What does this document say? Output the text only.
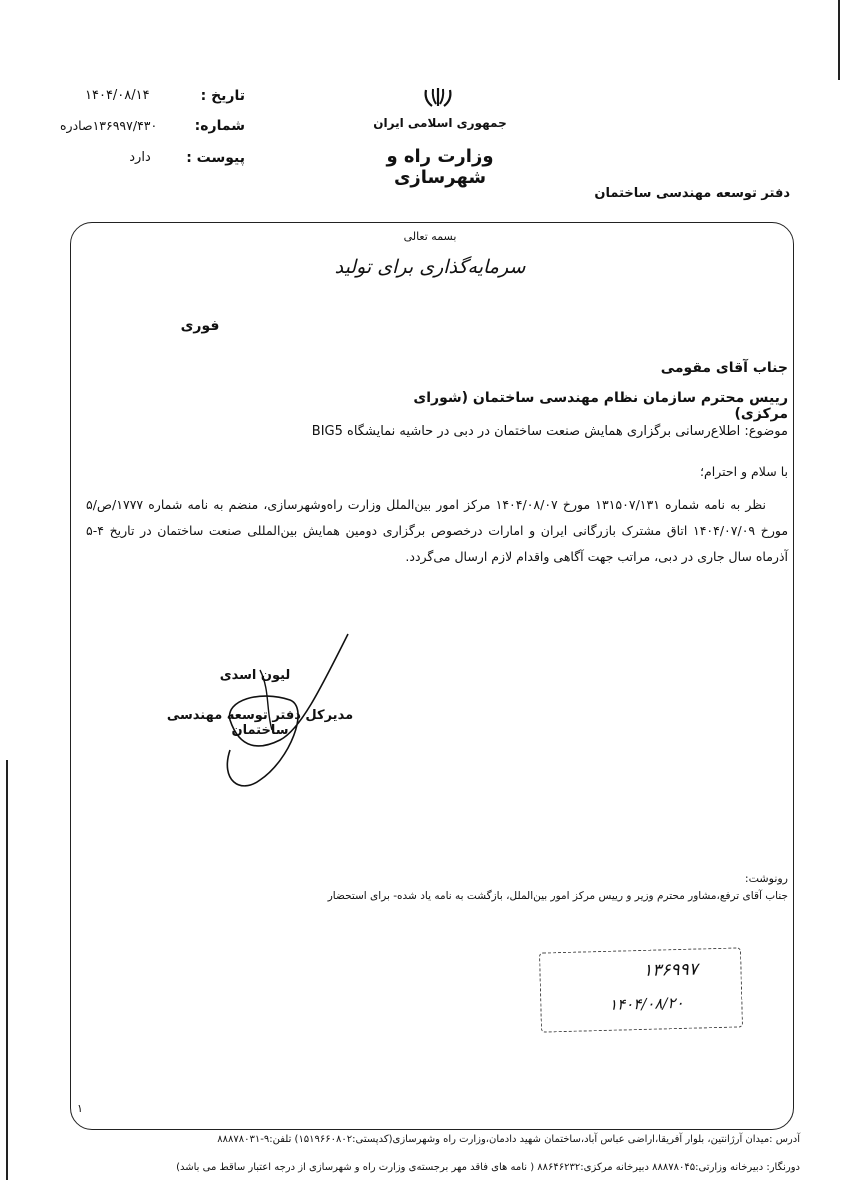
جمهوری اسلامی ایران
وزارت راه و شهرسازی
دفتر توسعه مهندسی ساختمان
تاریخ :
۱۴۰۴/۰۸/۱۴
شماره:
۱۳۶۹۹۷/۴۳۰صادره
پیوست :
دارد
بسمه تعالی
سرمایه‌گذاری برای تولید
فوری
جناب آقای مقومی
رییس محترم سازمان نظام مهندسی ساختمان (شورای مرکزی)
موضوع: اطلاع‌رسانی برگزاری همایش صنعت ساختمان در دبی در حاشیه نمایشگاه BIG5
با سلام و احترام؛
نظر به نامه شماره ۱۳۱۵۰۷/۱۳۱ مورخ ۱۴۰۴/۰۸/۰۷ مرکز امور بین‌الملل وزارت راه‌وشهرسازی، منضم به نامه شماره ۱۷۷۷/ص/۵ مورخ ۱۴۰۴/۰۷/۰۹ اتاق مشترک بازرگانی ایران و امارات درخصوص برگزاری دومین همایش بین‌المللی صنعت ساختمان در تاریخ ۴-۵ آذرماه سال جاری در دبی، مراتب جهت آگاهی واقدام لازم ارسال می‌گردد.
لیون اسدی
مدیرکل دفتر توسعه مهندسی ساختمان
رونوشت:
جناب آقای ترفع،مشاور محترم وزیر و رییس مرکز امور بین‌الملل، بازگشت به نامه یاد شده- برای استحضار
۱۳۶۹۹۷
۱۴۰۴/۰۸/۲۰
۱
آدرس :میدان آرژانتین، بلوار آفریقا،اراضی عباس آباد،ساختمان شهید دادمان،وزارت راه وشهرسازی(کدپستی:۱۵۱۹۶۶۰۸۰۲) تلفن:۹-۸۸۸۷۸۰۳۱
دورنگار: دبیرخانه وزارتی:۸۸۸۷۸۰۴۵ دبیرخانه مرکزی:۸۸۶۴۶۲۳۲ ( نامه های فاقد مهر برجسته‌ی وزارت راه و شهرسازی از درجه اعتبار ساقط می باشد)
